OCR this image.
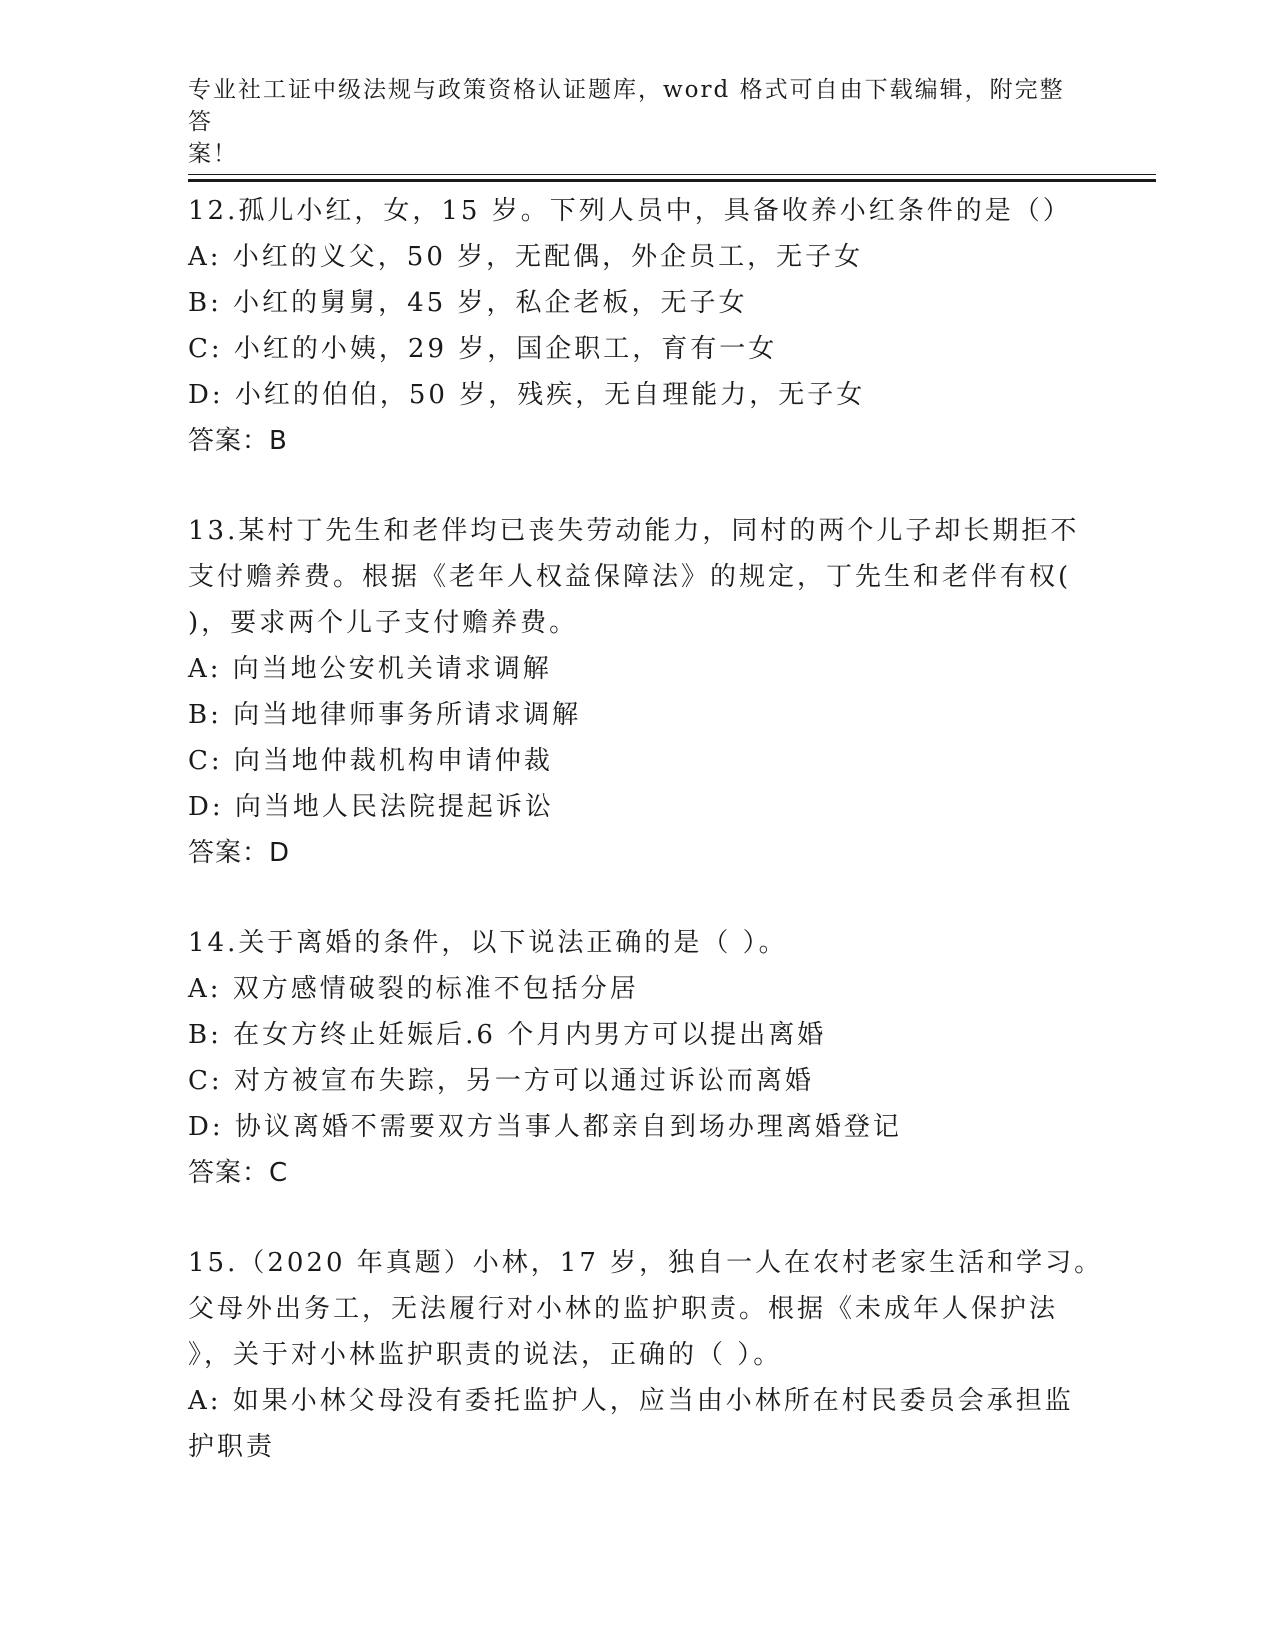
专业社工证中级法规与政策资格认证题库，word 格式可自由下载编辑，附完整答
案！
12.孤儿小红，女，15 岁。下列人员中，具备收养小红条件的是（）
A: 小红的义父，50 岁，无配偶，外企员工，无子女
B: 小红的舅舅，45 岁，私企老板，无子女
C: 小红的小姨，29 岁，国企职工，育有一女
D: 小红的伯伯，50 岁，残疾，无自理能力，无子女
答案：B
13.某村丁先生和老伴均已丧失劳动能力，同村的两个儿子却长期拒不
支付赡养费。根据《老年人权益保障法》的规定，丁先生和老伴有权(
)，要求两个儿子支付赡养费。
A: 向当地公安机关请求调解
B: 向当地律师事务所请求调解
C: 向当地仲裁机构申请仲裁
D: 向当地人民法院提起诉讼
答案：D
14.关于离婚的条件，以下说法正确的是（ ）。
A: 双方感情破裂的标准不包括分居
B: 在女方终止妊娠后.6 个月内男方可以提出离婚
C: 对方被宣布失踪，另一方可以通过诉讼而离婚
D: 协议离婚不需要双方当事人都亲自到场办理离婚登记
答案：C
15.（2020 年真题）小林，17 岁，独自一人在农村老家生活和学习。
父母外出务工，无法履行对小林的监护职责。根据《未成年人保护法
》，关于对小林监护职责的说法，正确的（ ）。
A: 如果小林父母没有委托监护人，应当由小林所在村民委员会承担监
护职责
